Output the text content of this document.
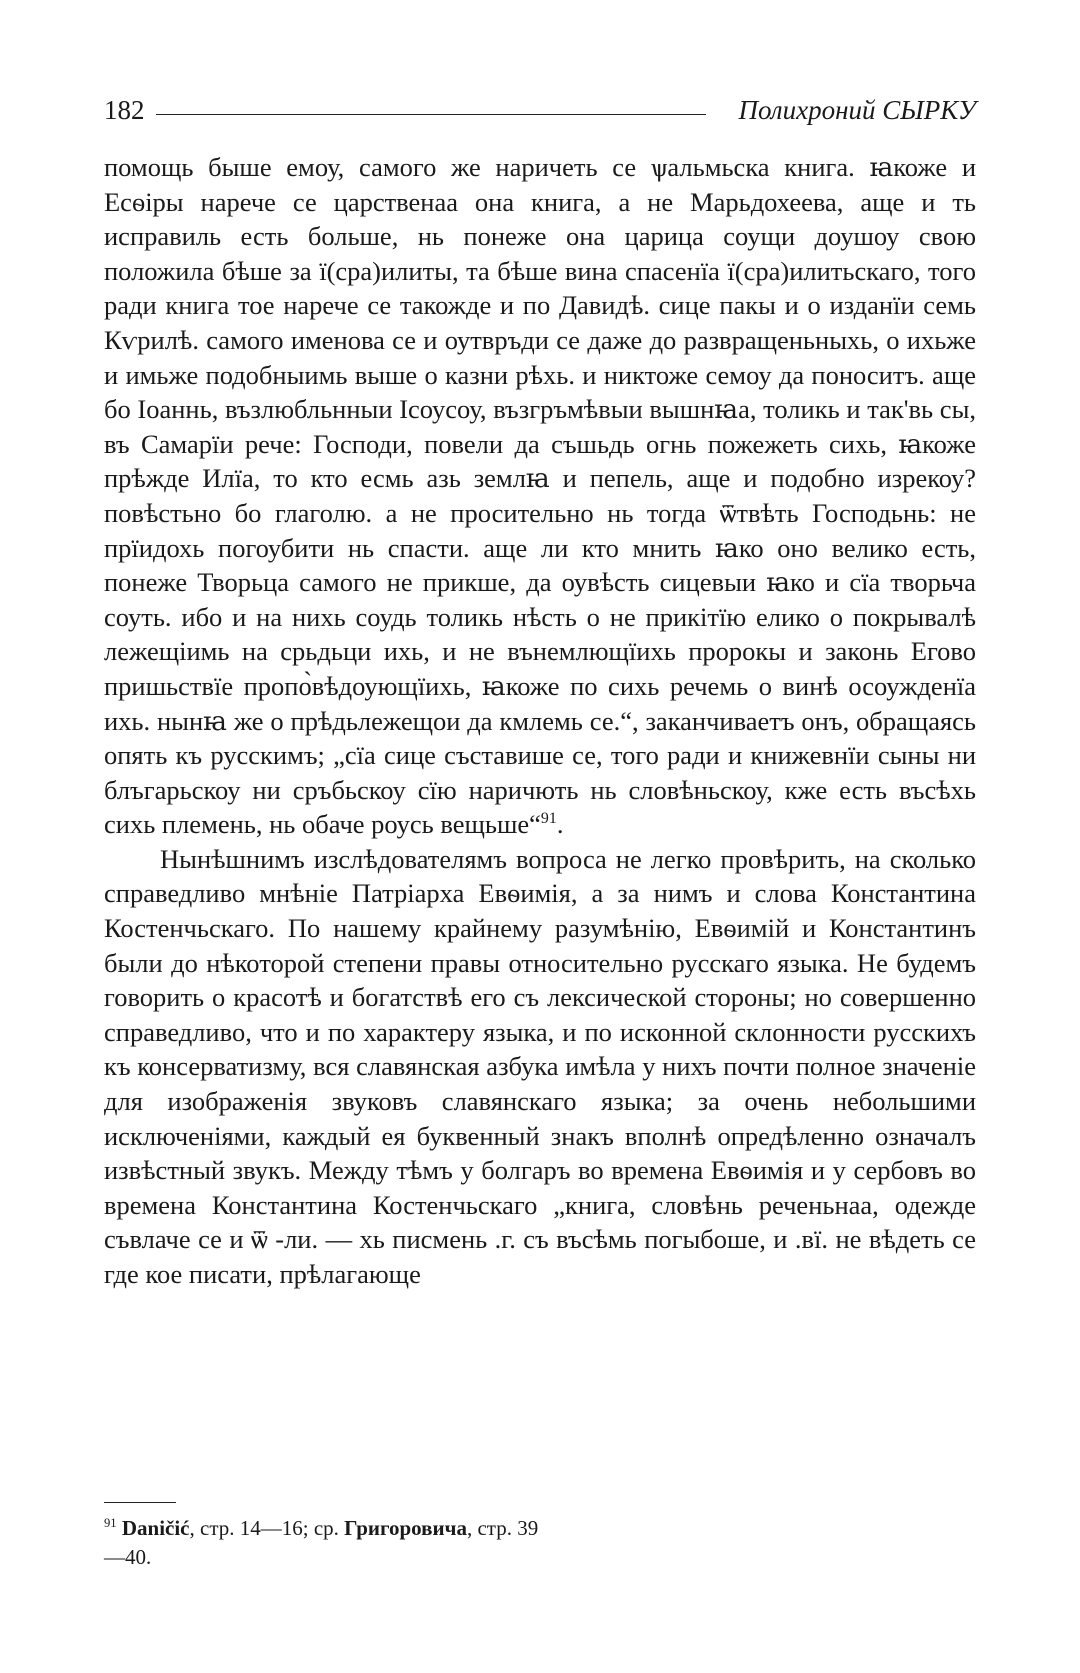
182	Полихроний СЫРКУ

помощь быше емоу, самого же наричеть се ѱальмьска книга. ꙗкоже и Есѳіры нарече се царственаа она книга, а не Марьдохеева, аще и ть исправиль есть больше, нь понеже она царица соущи доушоу свою положила бѣше за ї(сра)илиты, та бѣше вина спасенїа ї(сра)илитьскаго, того ради книга тое нарече се такожде и по Давидѣ. сице пакы и о изданїи семь Кѵрилѣ. самого именова се и оутвръди се даже до развращеньныхь, о ихьже и имьже подобныимь выше о казни рѣхь. и никтоже семоу да поноситъ. аще бо Іоаннь, възлюбльнныи Ісоусоу, възгръмѣвыи вышнꙗа, толикь и так'вь сы, въ Самарїи рече: Господи, повели да съшьдь огнь пожежеть сихь, ꙗкоже прѣжде Илїа, то кто есмь азь землꙗ и пепель, аще и подобно изрекоу? повѣстьно бо глаголю. а не просительно нь тогда ѿтвѣть Господьнь: не прїидохь погоубити нь спасти. аще ли кто мнить ꙗко оно велико есть, понеже Творьца самого не прикше, да оувѣсть сицевыи ꙗко и сїа творьча соуть. ибо и на нихь соудь толикь нѣсть о не прикітїю елико о покрывалѣ лежещіимь на срьдьци ихь, и не вънемлющїихь пророкы и законь Егово пришьствїе пропо̀вѣдоующїихь, ꙗкоже по сихь речемь о винѣ осоужденїа ихь. нынꙗ же о прѣдьлежещои да кмлемь се.“, заканчиваетъ онъ, обращаясь опять къ русскимъ; „сїа сице съставише се, того ради и книжевнїи сыны ни блъгарьскоу ни сръбьскоу сїю наричють нь словѣньскоу, кже есть въсѣхь сихь племень, нь обаче роусь вещьше“$^{91}$.

Нынѣшнимъ изслѣдователямъ вопроса не легко провѣрить, на сколько справедливо мнѣніе Патріарха Евѳимія, а за нимъ и слова Константина Костенчьскаго. По нашему крайнему разумѣнію, Евѳимій и Константинъ были до нѣкоторой степени правы относительно русскаго языка. Не будемъ говорить о красотѣ и богатствѣ его съ лексической стороны; но совершенно справедливо, что и по характеру языка, и по исконной склонности русскихъ къ консерватизму, вся славянская азбука имѣла у нихъ почти полное значеніе для изображенія звуковъ славянскаго языка; за очень небольшими исключеніями, каждый ея буквенный знакъ вполнѣ опредѣленно означалъ извѣстный звукъ. Между тѣмъ у болгаръ во времена Евѳимія и у сербовъ во времена Константина Костенчьскаго „книга, словѣнь реченьнаа, одежде съвлаче се и ѿ -ли. — хь писмень .г. съ въсѣмь погыбоше, и .вї. не вѣдеть се где кое писати, прѣлагающе

$^{91}$ Daničić, стр. 14—16; ср. Григоровича, стр. 39—40.
